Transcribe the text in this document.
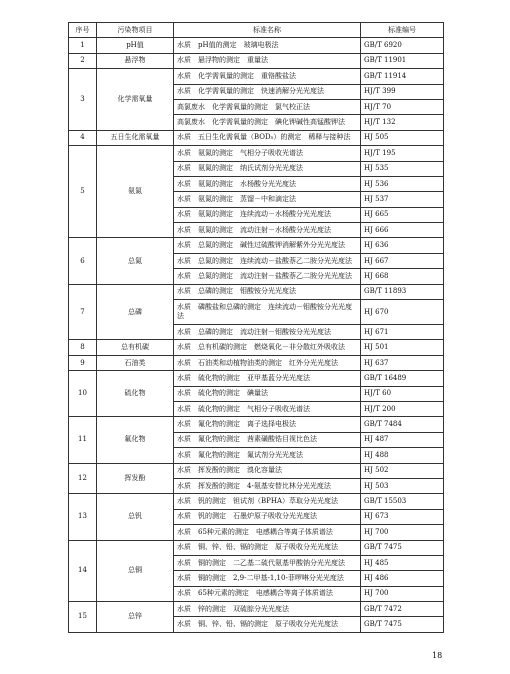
序号	污染物项目	标准名称	标准编号
1	pH值	水质　pH值的测定　玻璃电极法	GB/T 6920
2	悬浮物	水质　悬浮物的测定　重量法	GB/T 11901
3	化学需氧量	水质　化学需氧量的测定　重铬酸盐法	GB/T 11914
		水质　化学需氧量的测定　快速消解分光光度法	HJ/T 399
		高氯废水　化学需氧量的测定　氯气校正法	HJ/T 70
		高氯废水　化学需氧量的测定　碘化钾碱性高锰酸钾法	HJ/T 132
4	五日生化需氧量	水质　五日生化需氧量（BOD₅）的测定　稀释与接种法	HJ 505
5	氨氮	水质　氨氮的测定　气相分子吸收光谱法	HJ/T 195
		水质　氨氮的测定　纳氏试剂分光光度法	HJ 535
		水质　氨氮的测定　水杨酸分光光度法	HJ 536
		水质　氨氮的测定　蒸馏－中和滴定法	HJ 537
		水质　氨氮的测定　连续流动－水杨酸分光光度法	HJ 665
		水质　氨氮的测定　流动注射－水杨酸分光光度法	HJ 666
6	总氮	水质　总氮的测定　碱性过硫酸钾消解紫外分光光度法	HJ 636
		水质　总氮的测定　连续流动－盐酸萘乙二胺分光光度法	HJ 667
		水质　总氮的测定　流动注射－盐酸萘乙二胺分光光度法	HJ 668
7	总磷	水质　总磷的测定　钼酸铵分光光度法	GB/T 11893
		水质　磷酸盐和总磷的测定　连续流动－钼酸铵分光光度法	HJ 670
		水质　总磷的测定　流动注射－钼酸铵分光光度法	HJ 671
8	总有机碳	水质　总有机碳的测定　燃烧氧化－非分散红外吸收法	HJ 501
9	石油类	水质　石油类和动植物油类的测定　红外分光光度法	HJ 637
10	硫化物	水质　硫化物的测定　亚甲基蓝分光光度法	GB/T 16489
		水质　硫化物的测定　碘量法	HJ/T 60
		水质　硫化物的测定　气相分子吸收光谱法	HJ/T 200
11	氟化物	水质　氟化物的测定　离子选择电极法	GB/T 7484
		水质　氟化物的测定　茜素磺酸锆目视比色法	HJ 487
		水质　氟化物的测定　氟试剂分光光度法	HJ 488
12	挥发酚	水质　挥发酚的测定　溴化容量法	HJ 502
		水质　挥发酚的测定　4-氨基安替比林分光光度法	HJ 503
13	总钒	水质　钒的测定　钽试剂（BPHA）萃取分光光度法	GB/T 15503
		水质　钒的测定　石墨炉原子吸收分光光度法	HJ 673
		水质　65种元素的测定　电感耦合等离子体质谱法	HJ 700
14	总铜	水质　铜、锌、铅、镉的测定　原子吸收分光光度法	GB/T 7475
		水质　铜的测定　二乙基二硫代氨基甲酸钠分光光度法	HJ 485
		水质　铜的测定　2,9-二甲基-1,10-菲啰啉分光光度法	HJ 486
		水质　65种元素的测定　电感耦合等离子体质谱法	HJ 700
15	总锌	水质　锌的测定　双硫腙分光光度法	GB/T 7472
		水质　铜、锌、铅、镉的测定　原子吸收分光光度法	GB/T 7475
18
